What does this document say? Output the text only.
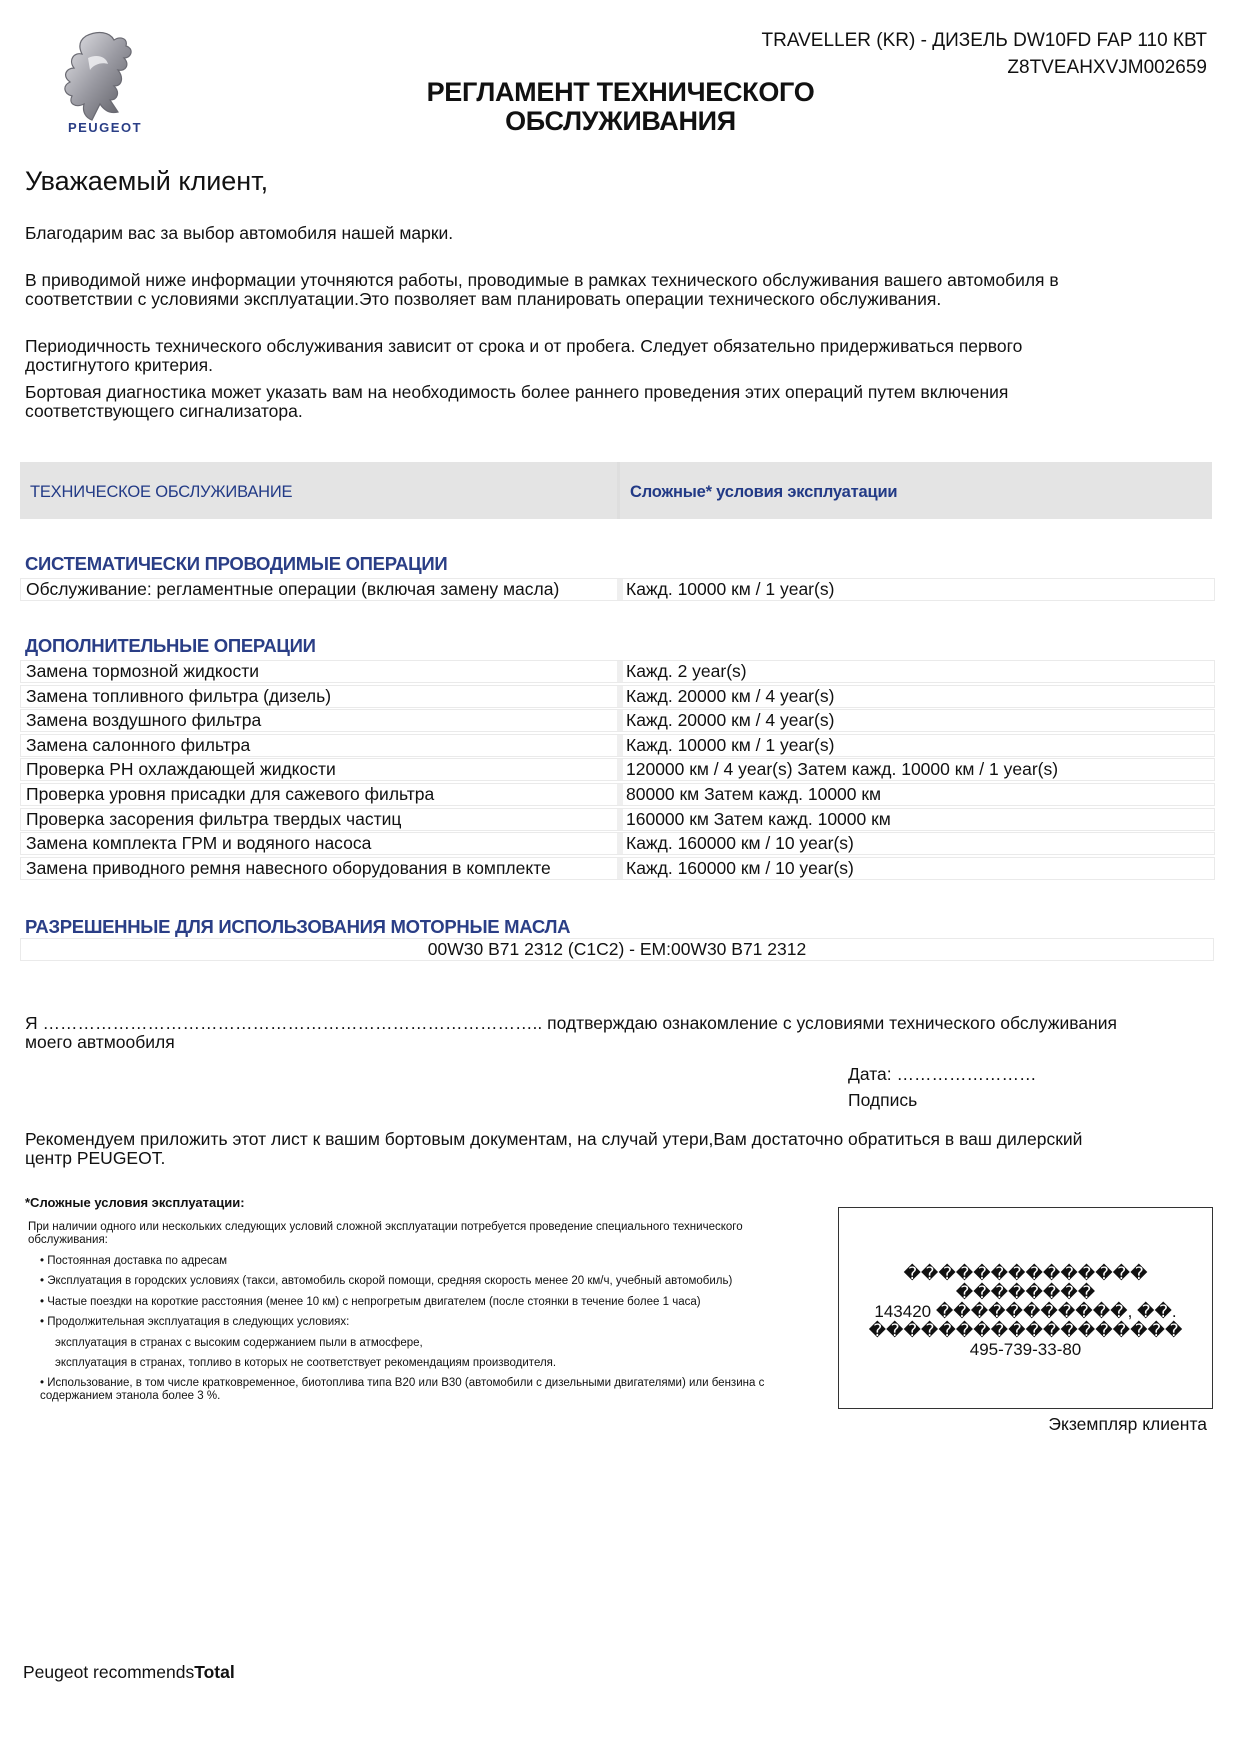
PEUGEOT
TRAVELLER (KR) - ДИЗЕЛЬ DW10FD FAP 110 КВТ
Z8TVEAHXVJM002659
РЕГЛАМЕНТ ТЕХНИЧЕСКОГО
ОБСЛУЖИВАНИЯ
Уважаемый клиент,
Благодарим вас за выбор автомобиля нашей марки.
В приводимой ниже информации уточняются работы, проводимые в рамках технического обслуживания вашего автомобиля в
соответствии с условиями эксплуатации.Это позволяет вам планировать операции технического обслуживания.
Периодичность технического обслуживания зависит от срока и от пробега. Следует обязательно придерживаться первого
достигнутого критерия.
Бортовая диагностика может указать вам на необходимость более раннего проведения этих операций путем включения
соответствующего сигнализатора.
ТЕХНИЧЕСКОЕ ОБСЛУЖИВАНИЕ	Сложные* условия эксплуатации
СИСТЕМАТИЧЕСКИ ПРОВОДИМЫЕ ОПЕРАЦИИ
Обслуживание: регламентные операции (включая замену масла)	Кажд. 10000 км / 1 year(s)
ДОПОЛНИТЕЛЬНЫЕ ОПЕРАЦИИ
Замена тормозной жидкости	Кажд. 2 year(s)
Замена топливного фильтра (дизель)	Кажд. 20000 км / 4 year(s)
Замена воздушного фильтра	Кажд. 20000 км / 4 year(s)
Замена салонного фильтра	Кажд. 10000 км / 1 year(s)
Проверка PH охлаждающей жидкости	120000 км / 4 year(s) Затем кажд. 10000 км / 1 year(s)
Проверка уровня присадки для сажевого фильтра	80000 км Затем кажд. 10000 км
Проверка засорения фильтра твердых частиц	160000 км Затем кажд. 10000 км
Замена комплекта ГРМ и водяного насоса	Кажд. 160000 км / 10 year(s)
Замена приводного ремня навесного оборудования в комплекте	Кажд. 160000 км / 10 year(s)
РАЗРЕШЕННЫЕ ДЛЯ ИСПОЛЬЗОВАНИЯ МОТОРНЫЕ МАСЛА
00W30 B71 2312 (C1C2) - EM:00W30 B71 2312
Я ………………………………………………………………………….. подтверждаю ознакомление с условиями технического обслуживания
моего автмообиля
Дата: ……………………
Подпись
Рекомендуем приложить этот лист к вашим бортовым документам, на случай утери,Вам достаточно обратиться в ваш дилерский
центр PEUGEOT.
*Сложные условия эксплуатации:
При наличии одного или нескольких следующих условий сложной эксплуатации потребуется проведение специального технического
обслуживания:
• Постоянная доставка по адресам
• Эксплуатация в городских условиях (такси, автомобиль скорой помощи, средняя скорость менее 20 км/ч, учебный автомобиль)
• Частые поездки на короткие расстояния (менее 10 км) с непрогретым двигателем (после стоянки в течение более 1 часа)
• Продолжительная эксплуатация в следующих условиях:
эксплуатация в странах с высоким содержанием пыли в атмосфере,
эксплуатация в странах, топливо в которых не соответствует рекомендациям производителя.
• Использование, в том числе кратковременное, биотоплива типа B20 или B30 (автомобили с дизельными двигателями) или бензина с
содержанием этанола более 3 %.
��������������
��������
143420 �����������, ��.
������������������
495-739-33-80
Экземпляр клиента
Peugeot recommendsTotal
